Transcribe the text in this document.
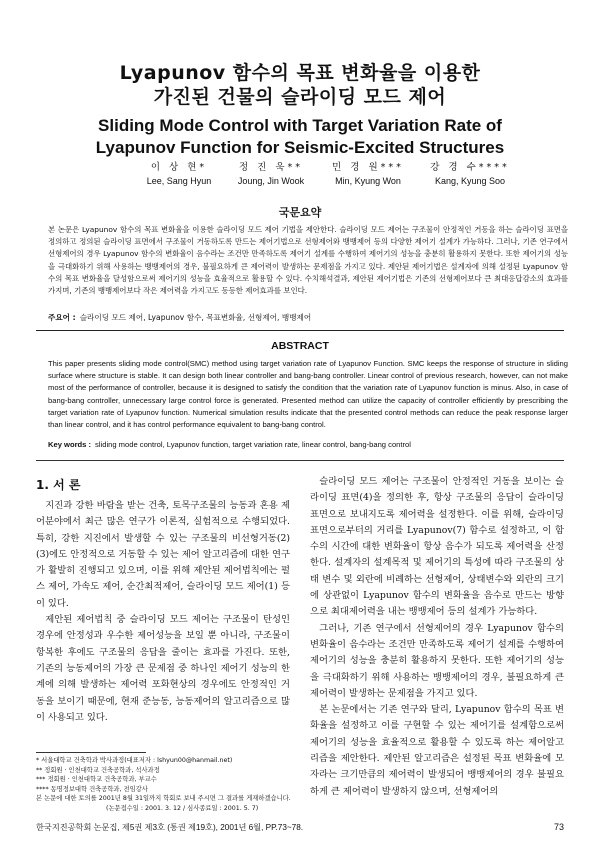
Lyapunov 함수의 목표 변화율을 이용한
가진된 건물의 슬라이딩 모드 제어
Sliding Mode Control with Target Variation Rate of
Lyapunov Function for Seismic-Excited Structures
이 상 현*
Lee, Sang Hyun
정 진 욱**
Joung, Jin Wook
민 경 원***
Min, Kyung Won
강 경 수****
Kang, Kyung Soo
국문요약
본 논문은 Lyapunov 함수의 목표 변화율을 이용한 슬라이딩 모드 제어 기법을 제안한다. 슬라이딩 모드 제어는 구조물이 안정적인 거동을 하는 슬라이딩 표면을 정의하고 정의된 슬라이딩 표면에서 구조물이 거동하도록 만드는 제어기법으로 선형제어와 뱅뱅제어 등의 다양한 제어기 설계가 가능하다. 그러나, 기존 연구에서 선형제어의 경우 Lyapunov 함수의 변화율이 음수라는 조건만 만족하도록 제어기 설계를 수행하여 제어기의 성능을 충분히 활용하지 못한다. 또한 제어기의 성능을 극대화하기 위해 사용하는 뱅뱅제어의 경우, 불필요하게 큰 제어력이 발생하는 문제점을 가지고 있다. 제안된 제어기법은 설계자에 의해 설정된 Lyapunov 함수의 목표 변화율을 달성함으로써 제어기의 성능을 효율적으로 활용할 수 있다. 수치해석결과, 제안된 제어기법은 기존의 선형제어보다 큰 최대응답감소의 효과를 가지며, 기존의 뱅뱅제어보다 작은 제어력을 가지고도 동등한 제어효과를 보인다.
주요어 : 슬라이딩 모드 제어, Lyapunov 함수, 목표변화율, 선형제어, 뱅뱅제어
ABSTRACT
This paper presents sliding mode control(SMC) method using target variation rate of Lyapunov Function. SMC keeps the response of structure in sliding surface where structure is stable. It can design both linear controller and bang-bang controller. Linear control of previous research, however, can not make most of the performance of controller, because it is designed to satisfy the condition that the variation rate of Lyapunov function is minus. Also, in case of bang-bang controller, unnecessary large control force is generated. Presented method can utilize the capacity of controller efficiently by prescribing the target variation rate of Lyapunov function. Numerical simulation results indicate that the presented control methods can reduce the peak response larger than linear control, and it has control performance equivalent to bang-bang control.
Key words : sliding mode control, Lyapunov function, target variation rate, linear control, bang-bang control
1. 서 론

지진과 강한 바람을 받는 건축, 토목구조물의 능동과 혼용 제어분야에서 최근 많은 연구가 이론적, 실험적으로 수행되었다. 특히, 강한 지진에서 발생할 수 있는 구조물의 비선형거동(2)(3)에도 안정적으로 거동할 수 있는 제어 알고리즘에 대한 연구가 활발히 진행되고 있으며, 이를 위해 제안된 제어법칙에는 펄스 제어, 가속도 제어, 순간최적제어, 슬라이딩 모드 제어(1) 등이 있다.

제안된 제어법칙 중 슬라이딩 모드 제어는 구조물이 탄성인 경우에 안정성과 우수한 제어성능을 보일 뿐 아니라, 구조물이 항복한 후에도 구조물의 응답을 줄이는 효과를 가진다. 또한, 기존의 능동제어의 가장 큰 문제점 중 하나인 제어기 성능의 한계에 의해 발생하는 제어력 포화현상의 경우에도 안정적인 거동을 보이기 때문에, 현재 준능동, 능동제어의 알고리즘으로 많이 사용되고 있다.

슬라이딩 모드 제어는 구조물이 안정적인 거동을 보이는 슬라이딩 표면(4)을 정의한 후, 항상 구조물의 응답이 슬라이딩 표면으로 보내지도록 제어력을 설정한다. 이를 위해, 슬라이딩 표면으로부터의 거리를 Lyapunov(7) 함수로 설정하고, 이 함수의 시간에 대한 변화율이 항상 음수가 되도록 제어력을 산정한다. 설계자의 설계목적 및 제어기의 특성에 따라 구조물의 상태 변수 및 외란에 비례하는 선형제어, 상태변수와 외란의 크기에 상관없이 Lyapunov 함수의 변화율을 음수로 만드는 방향으로 최대제어력을 내는 뱅뱅제어 등의 설계가 가능하다.

그러나, 기존 연구에서 선형제어의 경우 Lyapunov 함수의 변화율이 음수라는 조건만 만족하도록 제어기 설계를 수행하여 제어기의 성능을 충분히 활용하지 못한다. 또한 제어기의 성능을 극대화하기 위해 사용하는 뱅뱅제어의 경우, 불필요하게 큰 제어력이 발생하는 문제점을 가지고 있다.

본 논문에서는 기존 연구와 달리, Lyapunov 함수의 목표 변화율을 설정하고 이를 구현할 수 있는 제어기를 설계함으로써 제어기의 성능을 효율적으로 활용할 수 있도록 하는 제어알고리즘을 제안한다. 제안된 알고리즘은 설정된 목표 변화율에 모자라는 크기만큼의 제어력이 발생되어 뱅뱅제어의 경우 불필요하게 큰 제어력이 발생하지 않으며, 선형제어의

* 서울대학교 건축학과 박사과정(대표저자 : lshyun00@hanmail.net)
** 정회원 · 인천대학교 건축공학과, 석사과정
*** 정회원 · 인천대학교 건축공학과, 부교수
**** 동명정보대학 건축공학과, 전임강사
본 논문에 대한 토의를 2001년 8월 31일까지 학회로 보내 주시면 그 결과를 게재하겠습니다.
(논문접수일 : 2001. 3. 12 / 심사종료일 : 2001. 5. 7)
한국지진공학회 논문집, 제5권 제3호 (통권 제19호), 2001년 6월, PP.73~78.	73
